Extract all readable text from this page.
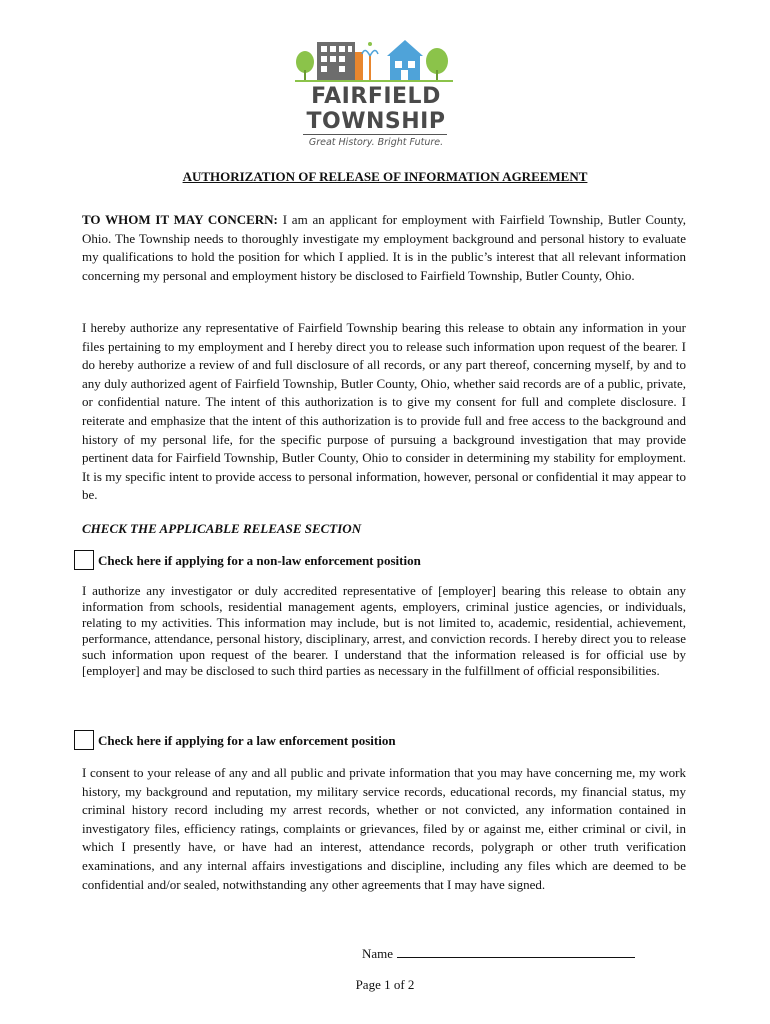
FAIRFIELD
TOWNSHIP
Great History. Bright Future.
AUTHORIZATION OF RELEASE OF INFORMATION AGREEMENT

TO WHOM IT MAY CONCERN: I am an applicant for employment with Fairfield Township, Butler County, Ohio. The Township needs to thoroughly investigate my employment background and personal history to evaluate my qualifications to hold the position for which I applied. It is in the public’s interest that all relevant information concerning my personal and employment history be disclosed to Fairfield Township, Butler County, Ohio.

I hereby authorize any representative of Fairfield Township bearing this release to obtain any information in your files pertaining to my employment and I hereby direct you to release such information upon request of the bearer. I do hereby authorize a review of and full disclosure of all records, or any part thereof, concerning myself, by and to any duly authorized agent of Fairfield Township, Butler County, Ohio, whether said records are of a public, private, or confidential nature. The intent of this authorization is to give my consent for full and complete disclosure. I reiterate and emphasize that the intent of this authorization is to provide full and free access to the background and history of my personal life, for the specific purpose of pursuing a background investigation that may provide pertinent data for Fairfield Township, Butler County, Ohio to consider in determining my stability for employment. It is my specific intent to provide access to personal information, however, personal or confidential it may appear to be.

CHECK THE APPLICABLE RELEASE SECTION
Check here if applying for a non-law enforcement position

I authorize any investigator or duly accredited representative of [employer] bearing this release to obtain any information from schools, residential management agents, employers, criminal justice agencies, or individuals, relating to my activities. This information may include, but is not limited to, academic, residential, achievement, performance, attendance, personal history, disciplinary, arrest, and conviction records. I hereby direct you to release such information upon request of the bearer. I understand that the information released is for official use by [employer] and may be disclosed to such third parties as necessary in the fulfillment of official responsibilities.

Check here if applying for a law enforcement position

I consent to your release of any and all public and private information that you may have concerning me, my work history, my background and reputation, my military service records, educational records, my financial status, my criminal history record including my arrest records, whether or not convicted, any information contained in investigatory files, efficiency ratings, complaints or grievances, filed by or against me, either criminal or civil, in which I presently have, or have had an interest, attendance records, polygraph or other truth verification examinations, and any internal affairs investigations and discipline, including any files which are deemed to be confidential and/or sealed, notwithstanding any other agreements that I may have signed.

Name
Page 1 of 2
